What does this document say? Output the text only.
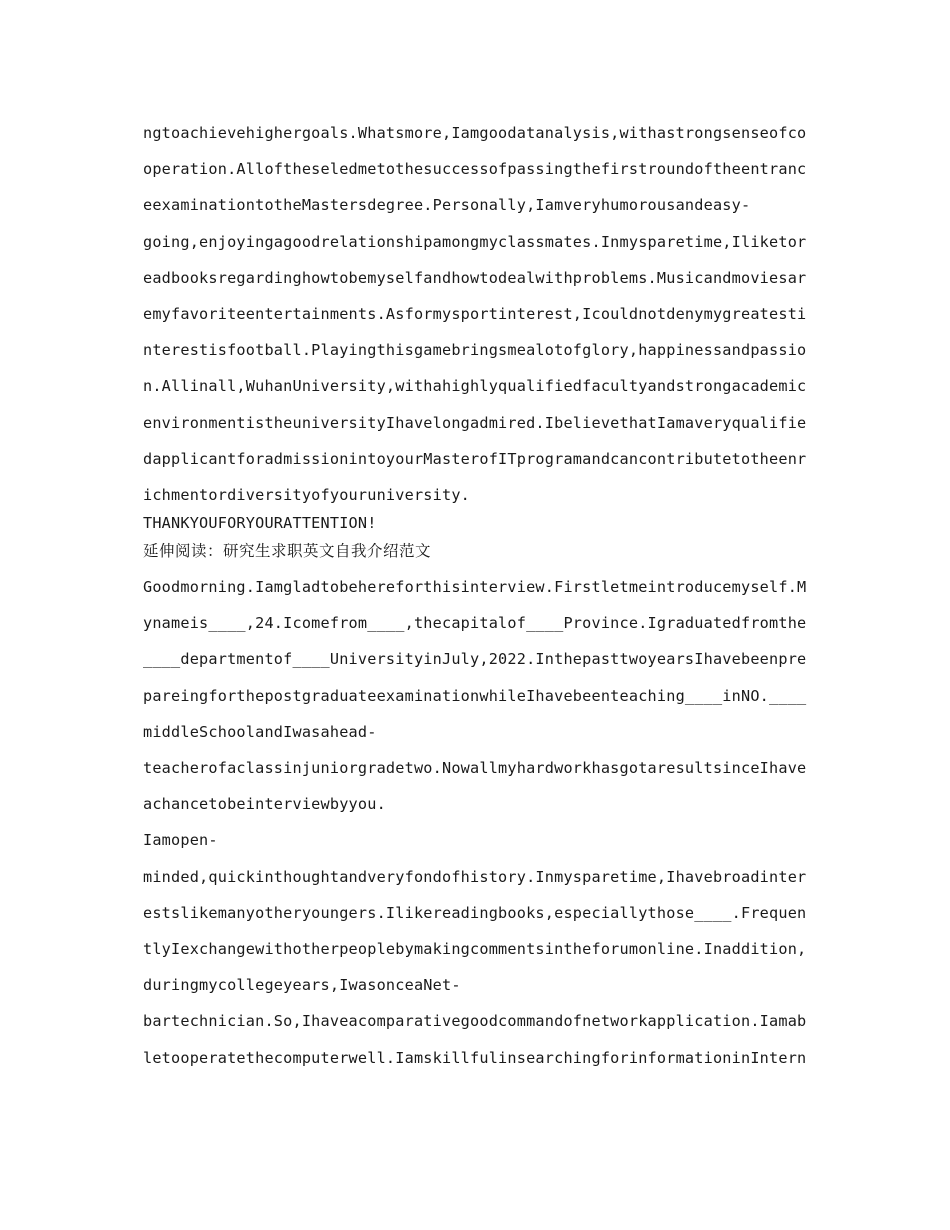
ngtoachievehighergoals.Whatsmore,Iamgoodatanalysis,withastrongsenseofco
operation.Alloftheseledmetothesuccessofpassingthefirstroundoftheentranc
eexaminationtotheMastersdegree.Personally,Iamveryhumorousandeasy-
going,enjoyingagoodrelationshipamongmyclassmates.Inmysparetime,Iliketor
eadbooksregardinghowtobemyselfandhowtodealwithproblems.Musicandmoviesar
emyfavoriteentertainments.Asformysportinterest,Icouldnotdenymygreatesti
nterestisfootball.Playingthisgamebringsmealotofglory,happinessandpassio
n.Allinall,WuhanUniversity,withahighlyqualifiedfacultyandstrongacademic
environmentistheuniversityIhavelongadmired.IbelievethatIamaveryqualifie
dapplicantforadmissionintoyourMasterofITprogramandcancontributetotheenr
ichmentordiversityofyouruniversity.
THANKYOUFORYOURATTENTION!
延伸阅读：研究生求职英文自我介绍范文
Goodmorning.Iamgladtobehereforthisinterview.Firstletmeintroducemyself.M
ynameis____,24.Icomefrom____,thecapitalof____Province.Igraduatedfromthe
____departmentof____UniversityinJuly,2022.InthepasttwoyearsIhavebeenpre
pareingforthepostgraduateexaminationwhileIhavebeenteaching____inNO.____
middleSchoolandIwasahead-
teacherofaclassinjuniorgradetwo.NowallmyhardworkhasgotaresultsinceIhave
achancetobeinterviewbyyou.
Iamopen-
minded,quickinthoughtandveryfondofhistory.Inmysparetime,Ihavebroadinter
estslikemanyotheryoungers.Ilikereadingbooks,especiallythose____.Frequen
tlyIexchangewithotherpeoplebymakingcommentsintheforumonline.Inaddition,
duringmycollegeyears,IwasonceaNet-
bartechnician.So,Ihaveacomparativegoodcommandofnetworkapplication.Iamab
letooperatethecomputerwell.IamskillfulinsearchingforinformationinIntern
